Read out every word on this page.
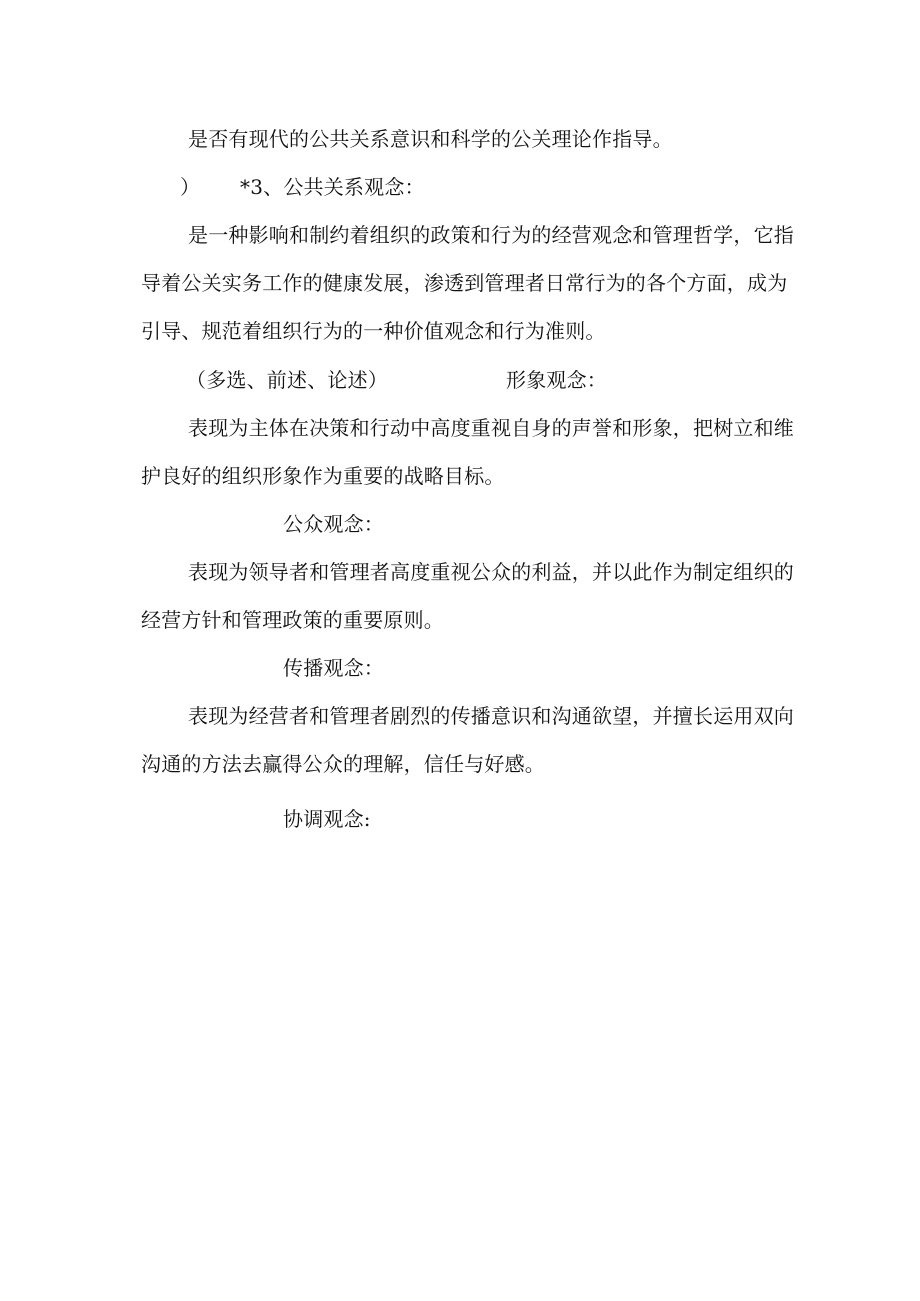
是否有现代的公共关系意识和科学的公关理论作指导。
） *3、公共关系观念：
是一种影响和制约着组织的政策和行为的经营观念和管理哲学，它指
导着公关实务工作的健康发展，渗透到管理者日常行为的各个方面，成为
引导、规范着组织行为的一种价值观念和行为准则。
（多选、前述、论述）	形象观念：
表现为主体在决策和行动中高度重视自身的声誉和形象，把树立和维
护良好的组织形象作为重要的战略目标。
公众观念：
表现为领导者和管理者高度重视公众的利益，并以此作为制定组织的
经营方针和管理政策的重要原则。
传播观念：
表现为经营者和管理者剧烈的传播意识和沟通欲望，并擅长运用双向
沟通的方法去赢得公众的理解，信任与好感。
协调观念:
